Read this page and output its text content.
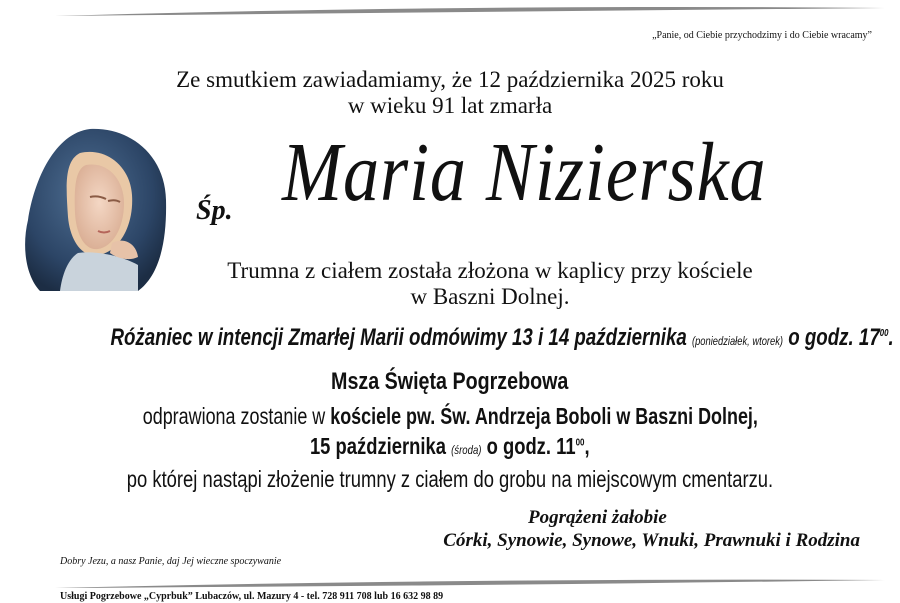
„Panie, od Ciebie przychodzimy i do Ciebie wracamy”
Ze smutkiem zawiadamiamy, że 12 października 2025 roku
w wieku 91 lat zmarła
Śp. Maria Nizierska
Trumna z ciałem została złożona w kaplicy przy kościele
w Baszni Dolnej.
Różaniec w intencji Zmarłej Marii odmówimy 13 i 14 października (poniedziałek, wtorek) o godz. $17^{00}$.
Msza Święta Pogrzebowa
odprawiona zostanie w kościele pw. Św. Andrzeja Boboli w Baszni Dolnej,
15 października (środa) o godz. $11^{00}$,
po której nastąpi złożenie trumny z ciałem do grobu na miejscowym cmentarzu.
Pogrążeni żałobie
Córki, Synowie, Synowe, Wnuki, Prawnuki i Rodzina
Dobry Jezu, a nasz Panie, daj Jej wieczne spoczywanie
Usługi Pogrzebowe „Cyprbuk” Lubaczów, ul. Mazury 4 - tel. 728 911 708 lub 16 632 98 89
